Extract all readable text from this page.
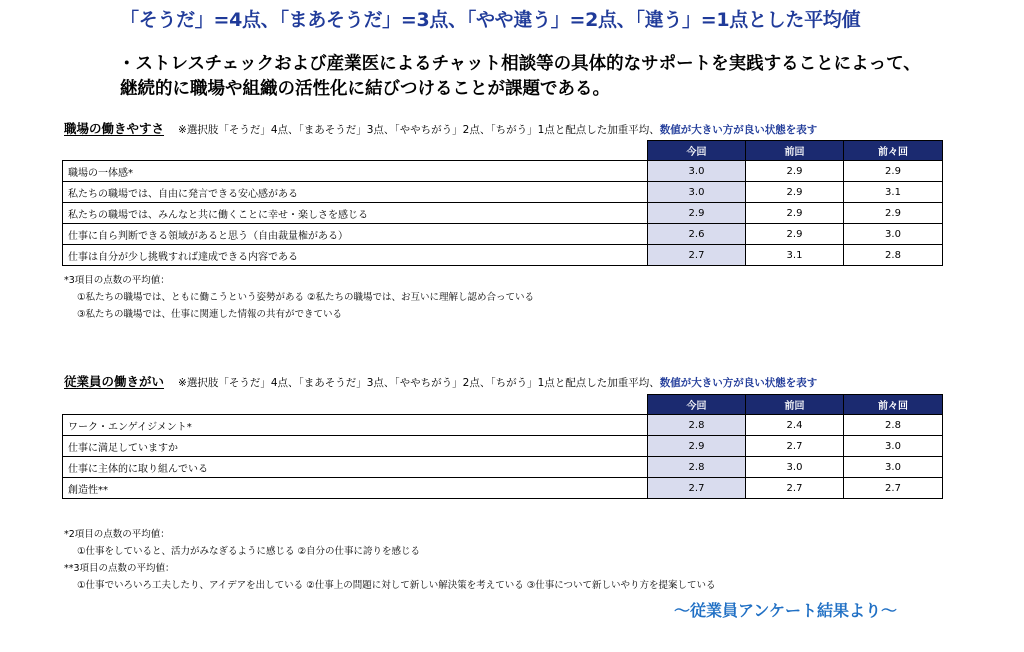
「そうだ」=4点、「まあそうだ」=3点、「やや違う」=2点、「違う」=1点とした平均値
・ストレスチェックおよび産業医によるチャット相談等の具体的なサポートを実践することによって、
継続的に職場や組織の活性化に結びつけることが課題である。
職場の働きやすさ ※選択肢「そうだ」4点、「まあそうだ」3点、「ややちがう」2点、「ちがう」1点と配点した加重平均、数値が大きい方が良い状態を表す
	今回	前回	前々回
職場の一体感*	3.0	2.9	2.9
私たちの職場では、自由に発言できる安心感がある	3.0	2.9	3.1
私たちの職場では、みんなと共に働くことに幸せ・楽しさを感じる	2.9	2.9	2.9
仕事に自ら判断できる領域があると思う（自由裁量権がある）	2.6	2.9	3.0
仕事は自分が少し挑戦すれば達成できる内容である	2.7	3.1	2.8
*3項目の点数の平均値：
①私たちの職場では、ともに働こうという姿勢がある ②私たちの職場では、お互いに理解し認め合っている
③私たちの職場では、仕事に関連した情報の共有ができている
従業員の働きがい ※選択肢「そうだ」4点、「まあそうだ」3点、「ややちがう」2点、「ちがう」1点と配点した加重平均、数値が大きい方が良い状態を表す
	今回	前回	前々回
ワーク・エンゲイジメント*	2.8	2.4	2.8
仕事に満足していますか	2.9	2.7	3.0
仕事に主体的に取り組んでいる	2.8	3.0	3.0
創造性**	2.7	2.7	2.7
*2項目の点数の平均値：
①仕事をしていると、活力がみなぎるように感じる ②自分の仕事に誇りを感じる
**3項目の点数の平均値：
①仕事でいろいろ工夫したり、アイデアを出している ②仕事上の問題に対して新しい解決策を考えている ③仕事について新しいやり方を提案している
～従業員アンケート結果より～
